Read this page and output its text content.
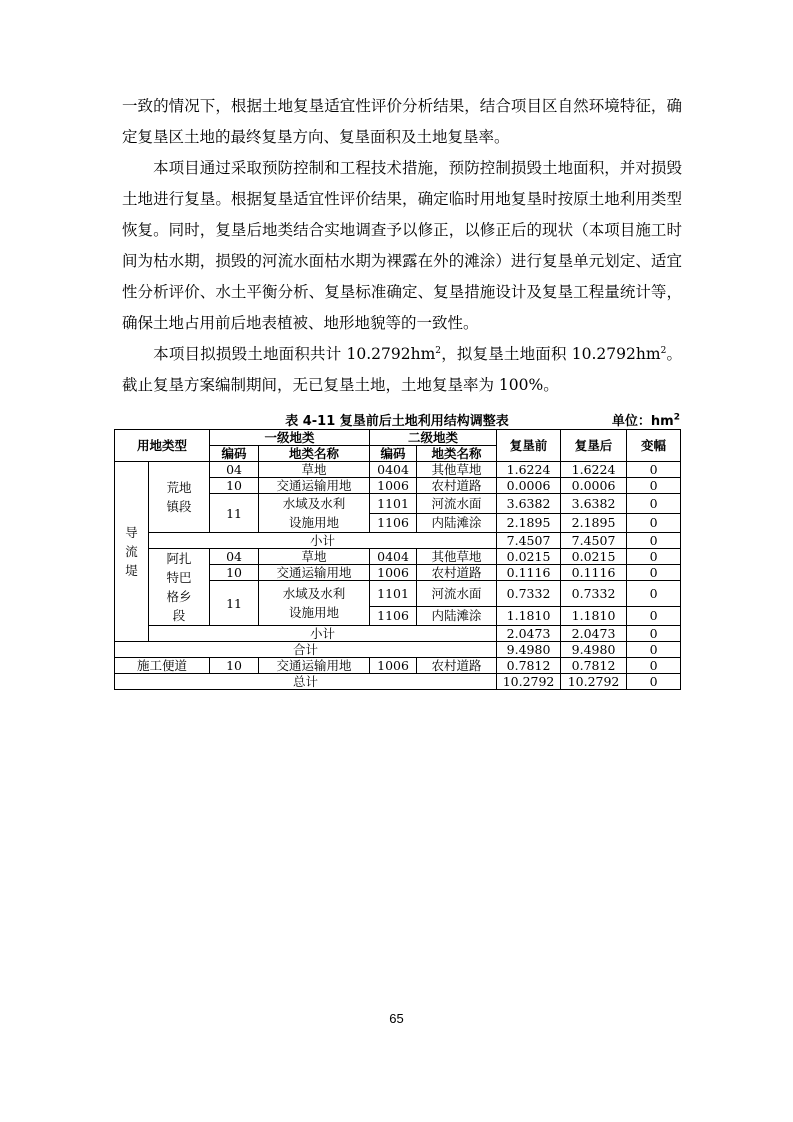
一致的情况下，根据土地复垦适宜性评价分析结果，结合项目区自然环境特征，确定复垦区土地的最终复垦方向、复垦面积及土地复垦率。

本项目通过采取预防控制和工程技术措施，预防控制损毁土地面积，并对损毁土地进行复垦。根据复垦适宜性评价结果，确定临时用地复垦时按原土地利用类型恢复。同时，复垦后地类结合实地调查予以修正，以修正后的现状（本项目施工时间为枯水期，损毁的河流水面枯水期为裸露在外的滩涂）进行复垦单元划定、适宜性分析评价、水土平衡分析、复垦标准确定、复垦措施设计及复垦工程量统计等，确保土地占用前后地表植被、地形地貌等的一致性。

本项目拟损毁土地面积共计 $10.2792hm^2$，拟复垦土地面积 $10.2792hm^2$。截止复垦方案编制期间，无已复垦土地，土地复垦率为 100%。

表 4-11 复垦前后土地利用结构调整表	单位：$hm^2$
用地类型		一级地类		二级地类		复垦前	复垦后	变幅
		编码	地类名称	编码	地类名称			
导流堤	荒地镇段	04	草地	0404	其他草地	1.6224	1.6224	0
		10	交通运输用地	1006	农村道路	0.0006	0.0006	0
		11	水域及水利设施用地	1101	河流水面	3.6382	3.6382	0
				1106	内陆滩涂	2.1895	2.1895	0
	小计					7.4507	7.4507	0
	阿扎特巴格乡段	04	草地	0404	其他草地	0.0215	0.0215	0
		10	交通运输用地	1006	农村道路	0.1116	0.1116	0
		11	水域及水利设施用地	1101	河流水面	0.7332	0.7332	0
				1106	内陆滩涂	1.1810	1.1810	0
	小计					2.0473	2.0473	0
合计						9.4980	9.4980	0
施工便道		10	交通运输用地	1006	农村道路	0.7812	0.7812	0
总计						10.2792	10.2792	0
65
